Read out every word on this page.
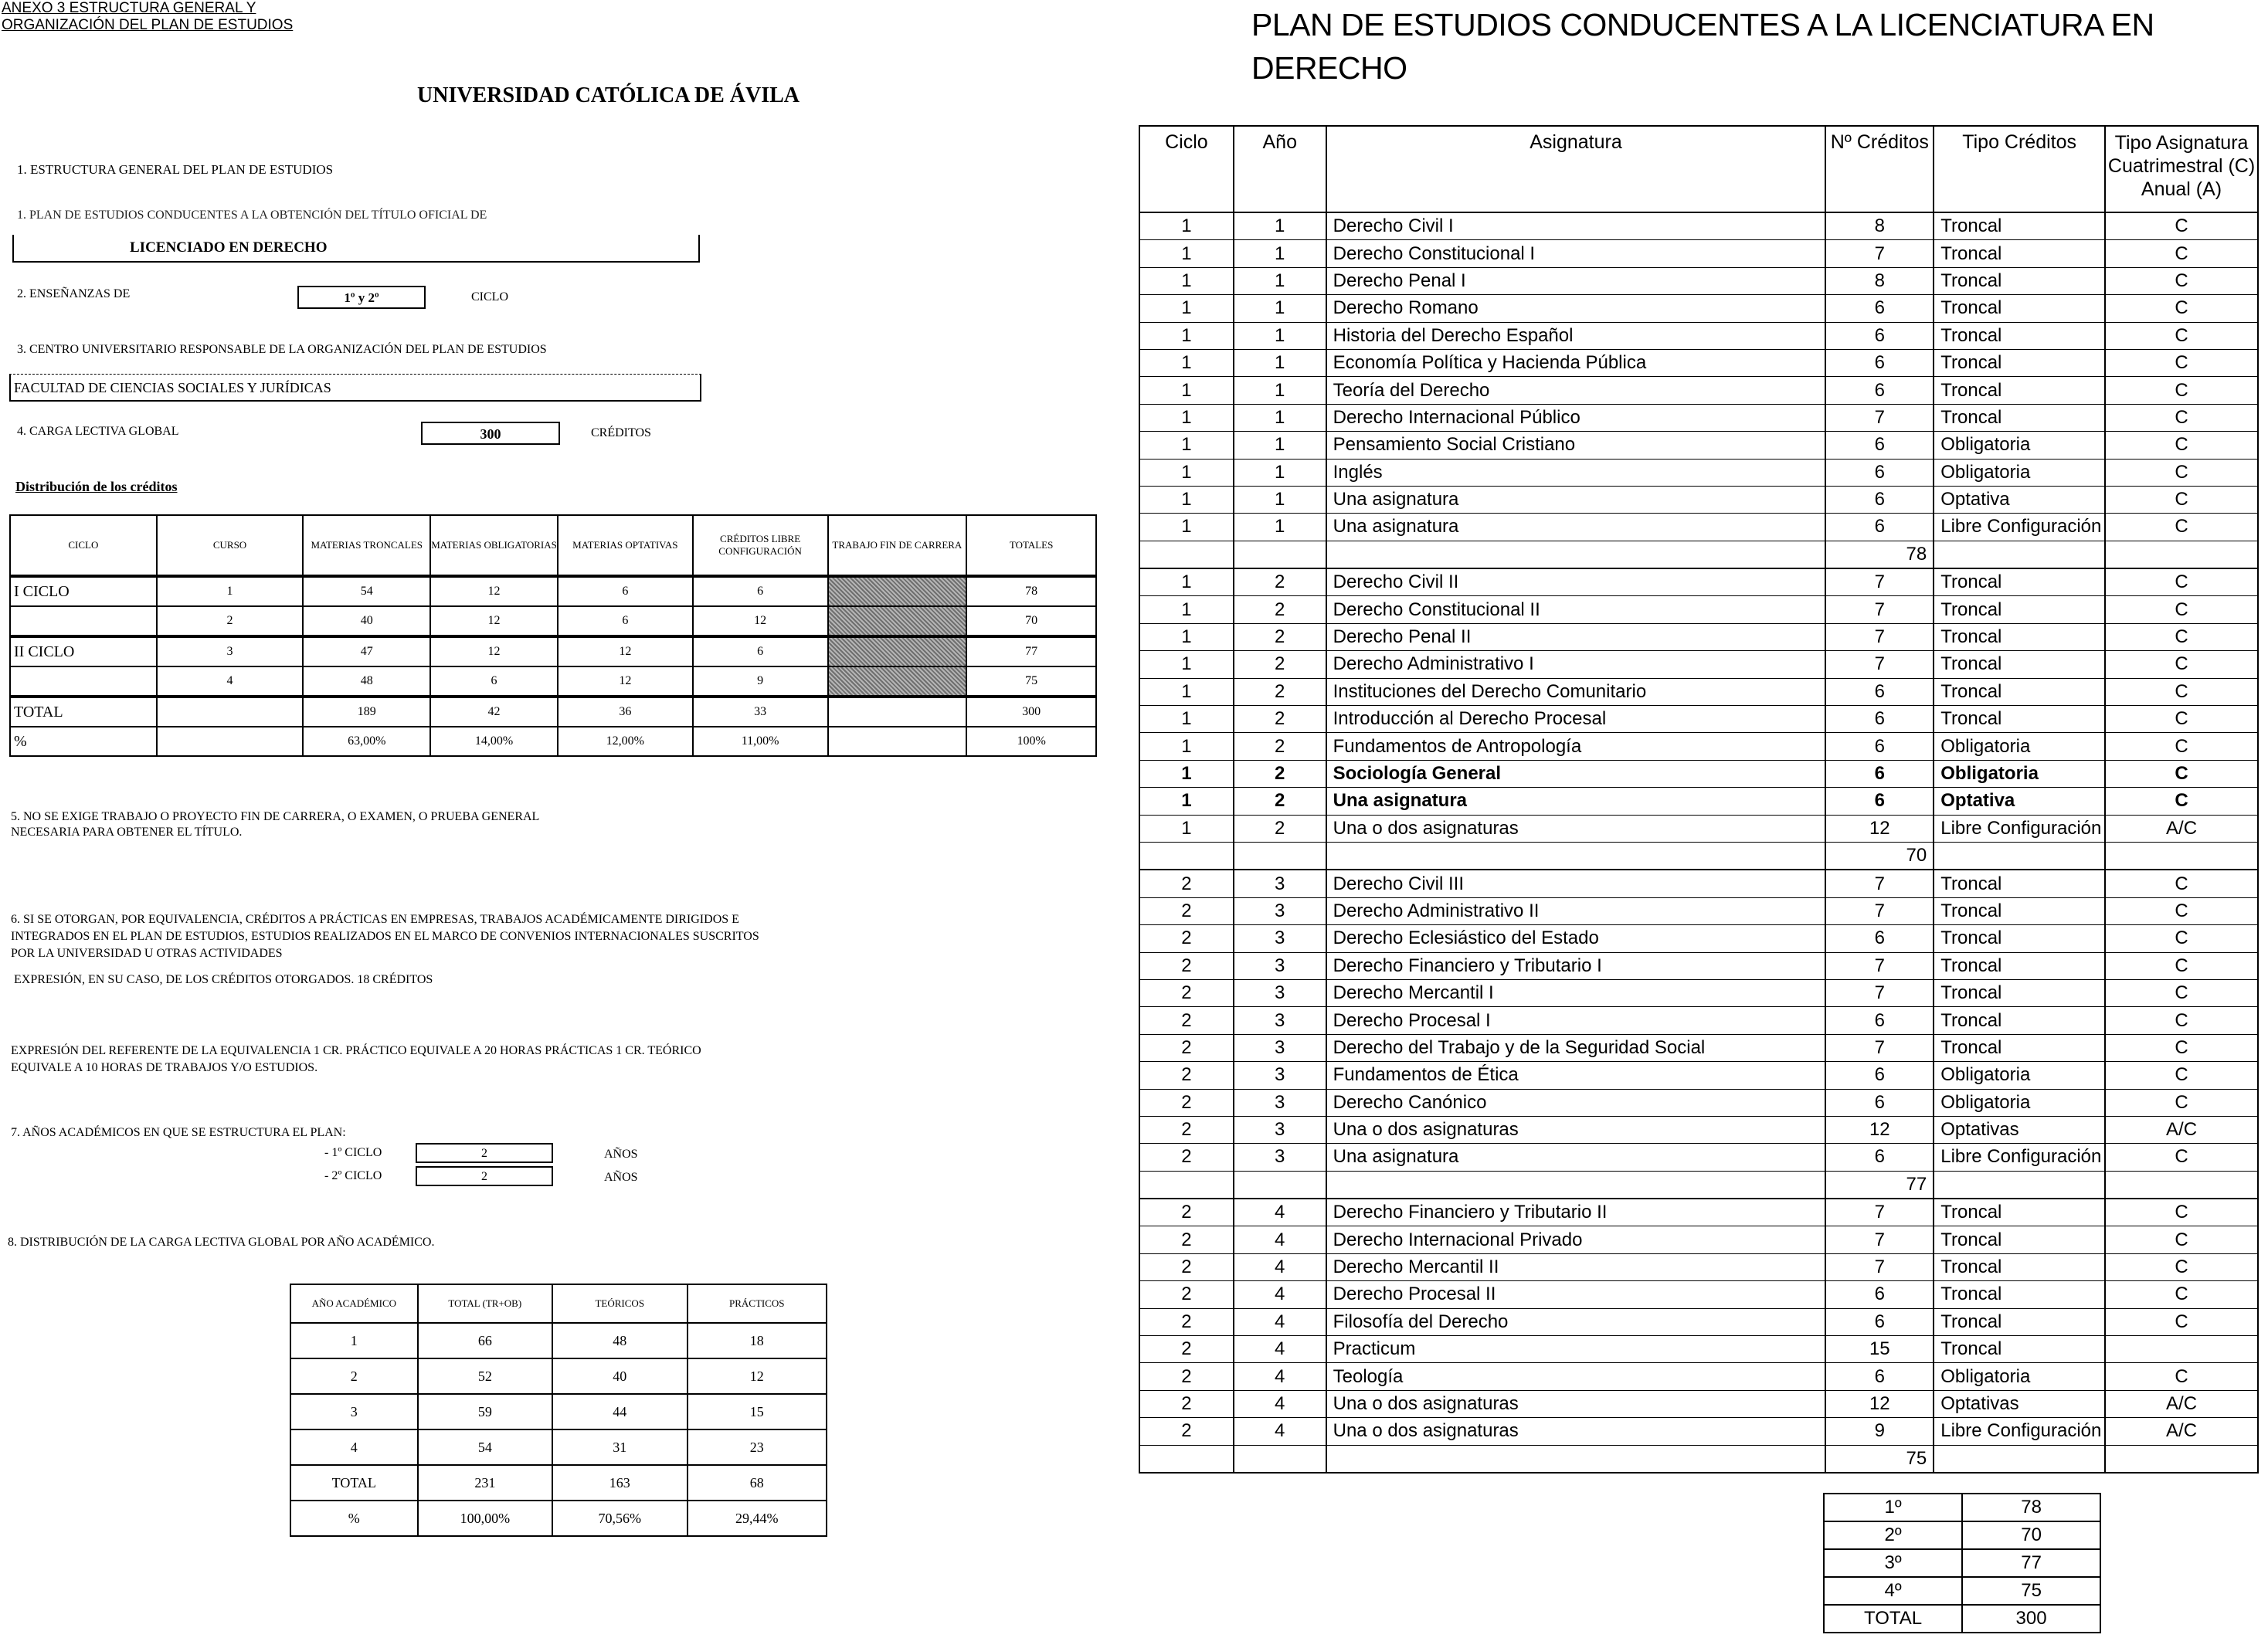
ANEXO 3 ESTRUCTURA GENERAL Y
ORGANIZACIÓN DEL PLAN DE ESTUDIOS
UNIVERSIDAD CATÓLICA DE ÁVILA
1. ESTRUCTURA GENERAL DEL PLAN DE ESTUDIOS
1. PLAN DE ESTUDIOS CONDUCENTES A LA OBTENCIÓN DEL TÍTULO OFICIAL DE
LICENCIADO EN DERECHO
2. ENSEÑANZAS DE	1º y 2º	CICLO
3. CENTRO UNIVERSITARIO RESPONSABLE DE LA ORGANIZACIÓN DEL PLAN DE ESTUDIOS
FACULTAD DE CIENCIAS SOCIALES Y JURÍDICAS
4. CARGA LECTIVA GLOBAL	300	CRÉDITOS
Distribución de los créditos
CICLO	CURSO	MATERIAS TRONCALES	MATERIAS OBLIGATORIAS	MATERIAS OPTATIVAS	CRÉDITOS LIBRE CONFIGURACIÓN	TRABAJO FIN DE CARRERA	TOTALES
I CICLO	1	54	12	6	6		78
	2	40	12	6	12		70
II CICLO	3	47	12	12	6		77
	4	48	6	12	9		75
TOTAL		189	42	36	33		300
%		63,00%	14,00%	12,00%	11,00%		100%
5. NO SE EXIGE TRABAJO O PROYECTO FIN DE CARRERA, O EXAMEN, O PRUEBA GENERAL
NECESARIA PARA OBTENER EL TÍTULO.
6. SI SE OTORGAN, POR EQUIVALENCIA, CRÉDITOS A PRÁCTICAS EN EMPRESAS, TRABAJOS ACADÉMICAMENTE DIRIGIDOS E
INTEGRADOS EN EL PLAN DE ESTUDIOS, ESTUDIOS REALIZADOS EN EL MARCO DE CONVENIOS INTERNACIONALES SUSCRITOS
POR LA UNIVERSIDAD U OTRAS ACTIVIDADES
EXPRESIÓN, EN SU CASO, DE LOS CRÉDITOS OTORGADOS. 18 CRÉDITOS
EXPRESIÓN DEL REFERENTE DE LA EQUIVALENCIA 1 CR. PRÁCTICO EQUIVALE A 20 HORAS PRÁCTICAS 1 CR. TEÓRICO
EQUIVALE A 10 HORAS DE TRABAJOS Y/O ESTUDIOS.
7. AÑOS ACADÉMICOS EN QUE SE ESTRUCTURA EL PLAN:
- 1º CICLO	2	AÑOS
- 2º CICLO	2	AÑOS
8. DISTRIBUCIÓN DE LA CARGA LECTIVA GLOBAL POR AÑO ACADÉMICO.
AÑO ACADÉMICO	TOTAL (TR+OB)	TEÓRICOS	PRÁCTICOS
1	66	48	18
2	52	40	12
3	59	44	15
4	54	31	23
TOTAL	231	163	68
%	100,00%	70,56%	29,44%
PLAN DE ESTUDIOS CONDUCENTES A LA LICENCIATURA EN
DERECHO
Ciclo	Año	Asignatura	Nº Créditos	Tipo Créditos	Tipo Asignatura
Cuatrimestral (C)
Anual (A)

1	1	Derecho Civil I	8	Troncal	C
1	1	Derecho Constitucional I	7	Troncal	C
1	1	Derecho Penal I	8	Troncal	C
1	1	Derecho Romano	6	Troncal	C
1	1	Historia del Derecho Español	6	Troncal	C
1	1	Economía Política y Hacienda Pública	6	Troncal	C
1	1	Teoría del Derecho	6	Troncal	C
1	1	Derecho Internacional Público	7	Troncal	C
1	1	Pensamiento Social Cristiano	6	Obligatoria	C
1	1	Inglés	6	Obligatoria	C
1	1	Una asignatura	6	Optativa	C
1	1	Una asignatura	6	Libre Configuración	C
			78		
1	2	Derecho Civil II	7	Troncal	C
1	2	Derecho Constitucional II	7	Troncal	C
1	2	Derecho Penal II	7	Troncal	C
1	2	Derecho Administrativo I	7	Troncal	C
1	2	Instituciones del Derecho Comunitario	6	Troncal	C
1	2	Introducción al Derecho Procesal	6	Troncal	C
1	2	Fundamentos de Antropología	6	Obligatoria	C
1	2	Sociología General	6	Obligatoria	C
1	2	Una asignatura	6	Optativa	C
1	2	Una o dos asignaturas	12	Libre Configuración	A/C
			70		
2	3	Derecho Civil III	7	Troncal	C
2	3	Derecho Administrativo II	7	Troncal	C
2	3	Derecho Eclesiástico del Estado	6	Troncal	C
2	3	Derecho Financiero y Tributario I	7	Troncal	C
2	3	Derecho Mercantil I	7	Troncal	C
2	3	Derecho Procesal I	6	Troncal	C
2	3	Derecho del Trabajo y de la Seguridad Social	7	Troncal	C
2	3	Fundamentos de Ética	6	Obligatoria	C
2	3	Derecho Canónico	6	Obligatoria	C
2	3	Una o dos asignaturas	12	Optativas	A/C
2	3	Una asignatura	6	Libre Configuración	C
			77		
2	4	Derecho Financiero y Tributario II	7	Troncal	C
2	4	Derecho Internacional Privado	7	Troncal	C
2	4	Derecho Mercantil II	7	Troncal	C
2	4	Derecho Procesal II	6	Troncal	C
2	4	Filosofía del Derecho	6	Troncal	C
2	4	Practicum	15	Troncal	
2	4	Teología	6	Obligatoria	C
2	4	Una o dos asignaturas	12	Optativas	A/C
2	4	Una o dos asignaturas	9	Libre Configuración	A/C
			75		
1º	78
2º	70
3º	77
4º	75
TOTAL	300
